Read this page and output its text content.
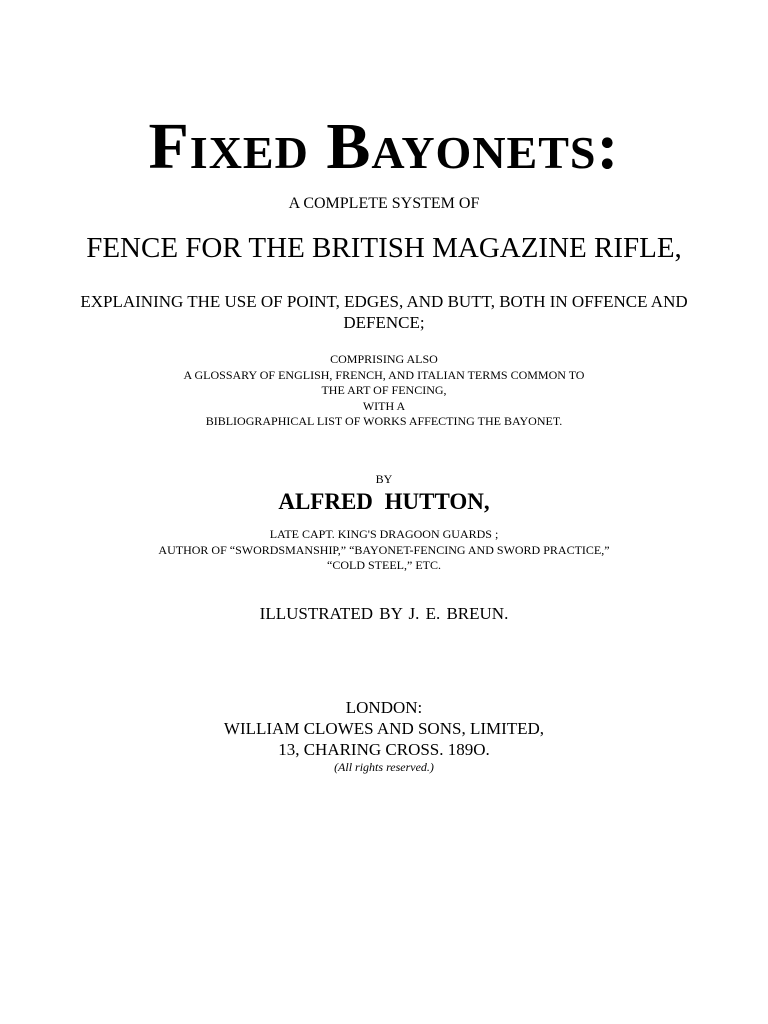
Fixed Bayonets:
A COMPLETE SYSTEM OF
FENCE FOR THE BRITISH MAGAZINE RIFLE,
EXPLAINING THE USE OF POINT, EDGES, AND BUTT, BOTH IN OFFENCE AND DEFENCE;
COMPRISING ALSO
A GLOSSARY OF ENGLISH, FRENCH, AND ITALIAN TERMS COMMON TO
THE ART OF FENCING,
WITH A
BIBLIOGRAPHICAL LIST OF WORKS AFFECTING THE BAYONET.
BY
ALFRED HUTTON,
LATE CAPT. KING'S DRAGOON GUARDS ;
AUTHOR OF “SWORDSMANSHIP,” “BAYONET-FENCING AND SWORD PRACTICE,”
“COLD STEEL,” ETC.
ILLUSTRATED BY J. E. BREUN.
LONDON:
WILLIAM CLOWES AND SONS, LIMITED,
13, CHARING CROSS. 189O.
(All rights reserved.)
